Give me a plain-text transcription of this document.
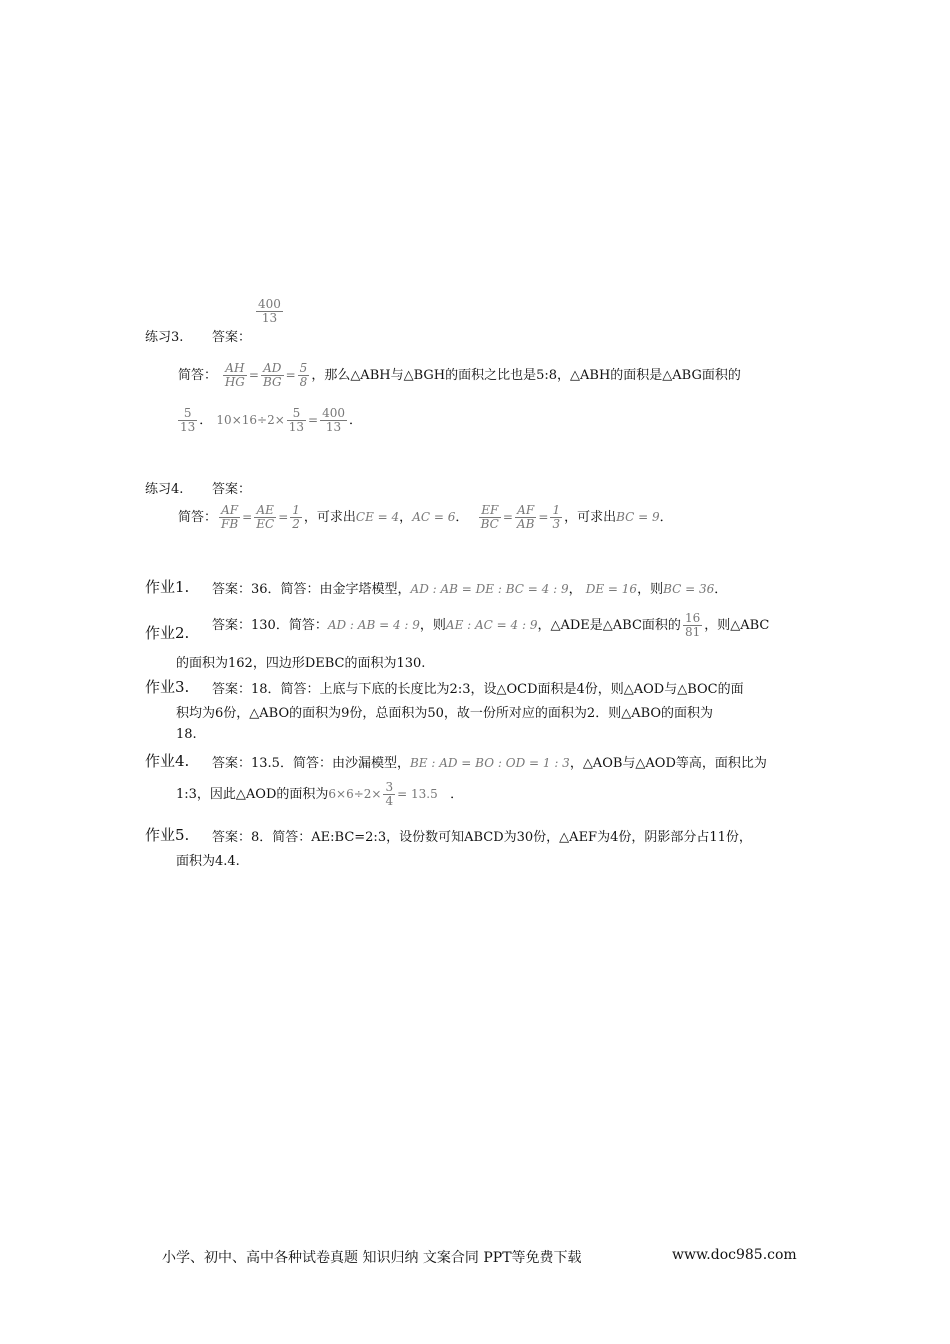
练习3. 答案：
$\frac{400}{13}$
简答： $\frac{AH}{HG} = \frac{AD}{BG} = \frac{5}{8}$ ，那么△ABH与△BGH的面积之比也是5:8，△ABH的面积是△ABG面积的
$\frac{5}{13}$ ． $10\times 16\div 2\times \frac{5}{13} = \frac{400}{13}$ ．
练习4. 答案：
简答： $\frac{AF}{FB} = \frac{AE}{EC} = \frac{1}{2}$ ，可求出CE = 4，AC = 6． $\frac{EF}{BC} = \frac{AF}{AB} = \frac{1}{3}$ ，可求出BC = 9．
作业1. 答案：36．简答：由金字塔模型，AD : AB = DE : BC = 4 : 9， DE = 16，则BC = 36．
作业2. 答案：130．简答：AD : AB = 4 : 9，则AE : AC = 4 : 9，△ADE是△ABC面积的 $\frac{16}{81}$ ，则△ABC
的面积为162，四边形DEBC的面积为130.
作业3. 答案：18．简答：上底与下底的长度比为2:3，设△OCD面积是4份，则△AOD与△BOC的面
积均为6份，△ABO的面积为9份，总面积为50，故一份所对应的面积为2．则△ABO的面积为
18.
作业4. 答案：13.5．简答：由沙漏模型，BE : AD = BO : OD = 1 : 3，△AOB与△AOD等高，面积比为
1:3，因此△AOD的面积为$6\times 6\div 2\times \frac{3}{4} = 13.5$   ．
作业5. 答案：8．简答：AE:BC=2:3，设份数可知ABCD为30份，△AEF为4份，阴影部分占11份，
面积为4.4.
小学、初中、高中各种试卷真题 知识归纳 文案合同 PPT等免费下载	www.doc985.com
